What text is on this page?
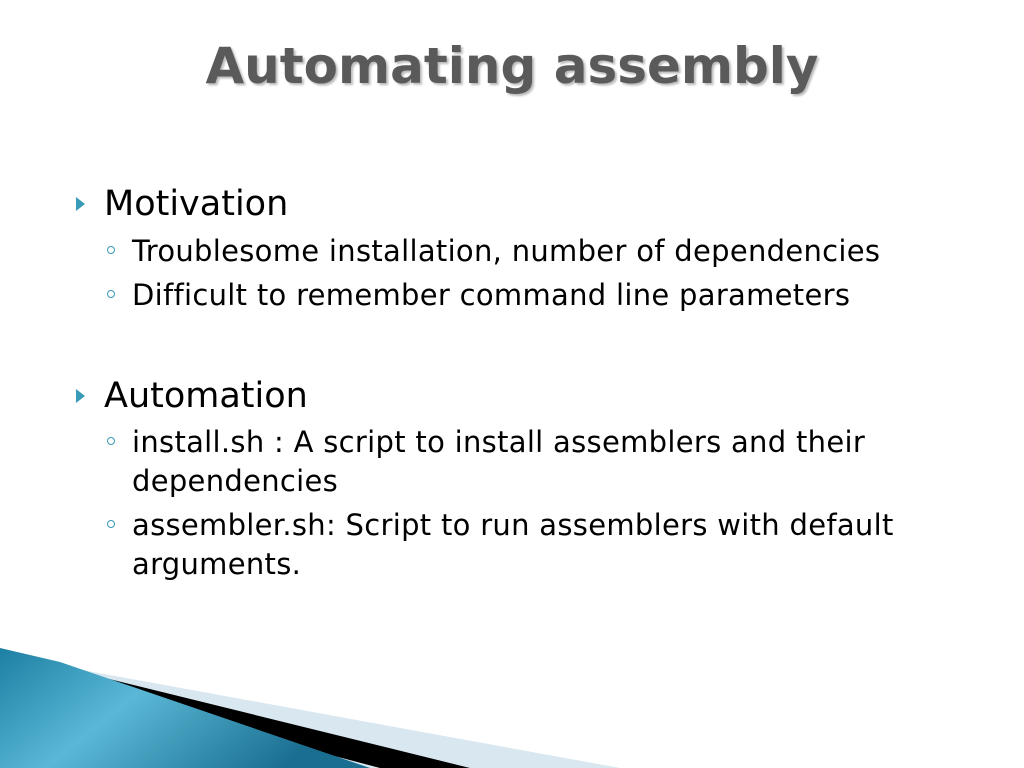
Automating assembly
Motivation
Troublesome installation, number of dependencies
Difficult to remember command line parameters
Automation
install.sh : A script to install assemblers and their dependencies
assembler.sh: Script to run assemblers with default arguments.
